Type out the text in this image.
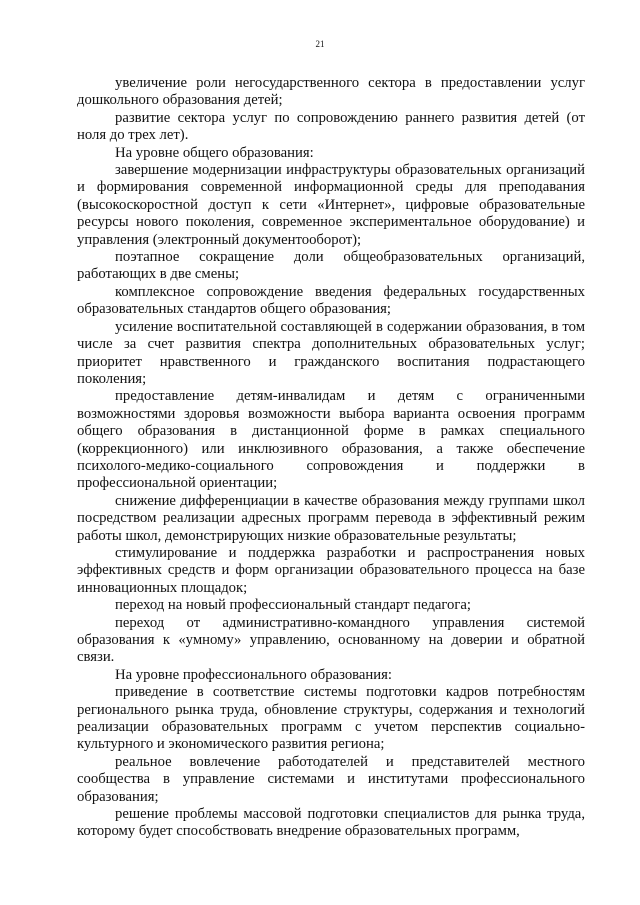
21

увеличение роли негосударственного сектора в предоставлении услуг дошкольного образования детей;

развитие сектора услуг по сопровождению раннего развития детей (от ноля до трех лет).

На уровне общего образования:

завершение модернизации инфраструктуры образовательных организаций и формирования современной информационной среды для преподавания (высокоскоростной доступ к сети «Интернет», цифровые образовательные ресурсы нового поколения, современное экспериментальное оборудование) и управления (электронный документооборот);

поэтапное сокращение доли общеобразовательных организаций, работающих в две смены;

комплексное сопровождение введения федеральных государственных образовательных стандартов общего образования;

усиление воспитательной составляющей в содержании образования, в том числе за счет развития спектра дополнительных образовательных услуг; приоритет нравственного и гражданского воспитания подрастающего поколения;

предоставление детям-инвалидам и детям с ограниченными возможностями здоровья возможности выбора варианта освоения программ общего образования в дистанционной форме в рамках специального (коррекционного) или инклюзивного образования, а также обеспечение психолого-медико-социального сопровождения и поддержки в профессиональной ориентации;

снижение дифференциации в качестве образования между группами школ посредством реализации адресных программ перевода в эффективный режим работы школ, демонстрирующих низкие образовательные результаты;

стимулирование и поддержка разработки и распространения новых эффективных средств и форм организации образовательного процесса на базе инновационных площадок;

переход на новый профессиональный стандарт педагога;

переход от административно-командного управления системой образования к «умному» управлению, основанному на доверии и обратной связи.

На уровне профессионального образования:

приведение в соответствие системы подготовки кадров потребностям регионального рынка труда, обновление структуры, содержания и технологий реализации образовательных программ с учетом перспектив социально-культурного и экономического развития региона;

реальное вовлечение работодателей и представителей местного сообщества в управление системами и институтами профессионального образования;

решение проблемы массовой подготовки специалистов для рынка труда, которому будет способствовать внедрение образовательных программ,
